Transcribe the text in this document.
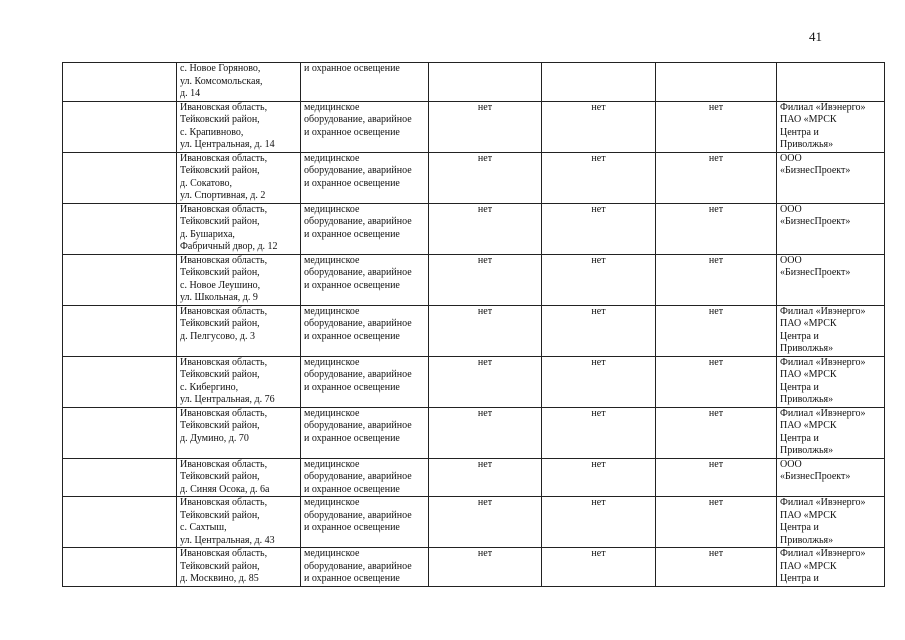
41

	с. Новое Горяново,
ул. Комсомольская,
д. 14	и охранное освещение				

	Ивановская область,
Тейковский район,
с. Крапивново,
ул. Центральная, д. 14	медицинское
оборудование, аварийное
и охранное освещение	нет	нет	нет	Филиал «Ивэнерго»
ПАО «МРСК
Центра и
Приволжья»

	Ивановская область,
Тейковский район,
д. Сокатово,
ул. Спортивная, д. 2	медицинское
оборудование, аварийное
и охранное освещение	нет	нет	нет	ООО
«БизнесПроект»

	Ивановская область,
Тейковский район,
д. Бушариха,
Фабричный двор, д. 12	медицинское
оборудование, аварийное
и охранное освещение	нет	нет	нет	ООО
«БизнесПроект»

	Ивановская область,
Тейковский район,
с. Новое Леушино,
ул. Школьная, д. 9	медицинское
оборудование, аварийное
и охранное освещение	нет	нет	нет	ООО
«БизнесПроект»

	Ивановская область,
Тейковский район,
д. Пелгусово, д. 3	медицинское
оборудование, аварийное
и охранное освещение	нет	нет	нет	Филиал «Ивэнерго»
ПАО «МРСК
Центра и
Приволжья»

	Ивановская область,
Тейковский район,
с. Кибергино,
ул. Центральная, д. 76	медицинское
оборудование, аварийное
и охранное освещение	нет	нет	нет	Филиал «Ивэнерго»
ПАО «МРСК
Центра и
Приволжья»

	Ивановская область,
Тейковский район,
д. Думино, д. 70	медицинское
оборудование, аварийное
и охранное освещение	нет	нет	нет	Филиал «Ивэнерго»
ПАО «МРСК
Центра и
Приволжья»

	Ивановская область,
Тейковский район,
д. Синяя Осока, д. 6а	медицинское
оборудование, аварийное
и охранное освещение	нет	нет	нет	ООО
«БизнесПроект»

	Ивановская область,
Тейковский район,
с. Сахтыш,
ул. Центральная, д. 43	медицинское
оборудование, аварийное
и охранное освещение	нет	нет	нет	Филиал «Ивэнерго»
ПАО «МРСК
Центра и
Приволжья»

	Ивановская область,
Тейковский район,
д. Москвино, д. 85	медицинское
оборудование, аварийное
и охранное освещение	нет	нет	нет	Филиал «Ивэнерго»
ПАО «МРСК
Центра и
